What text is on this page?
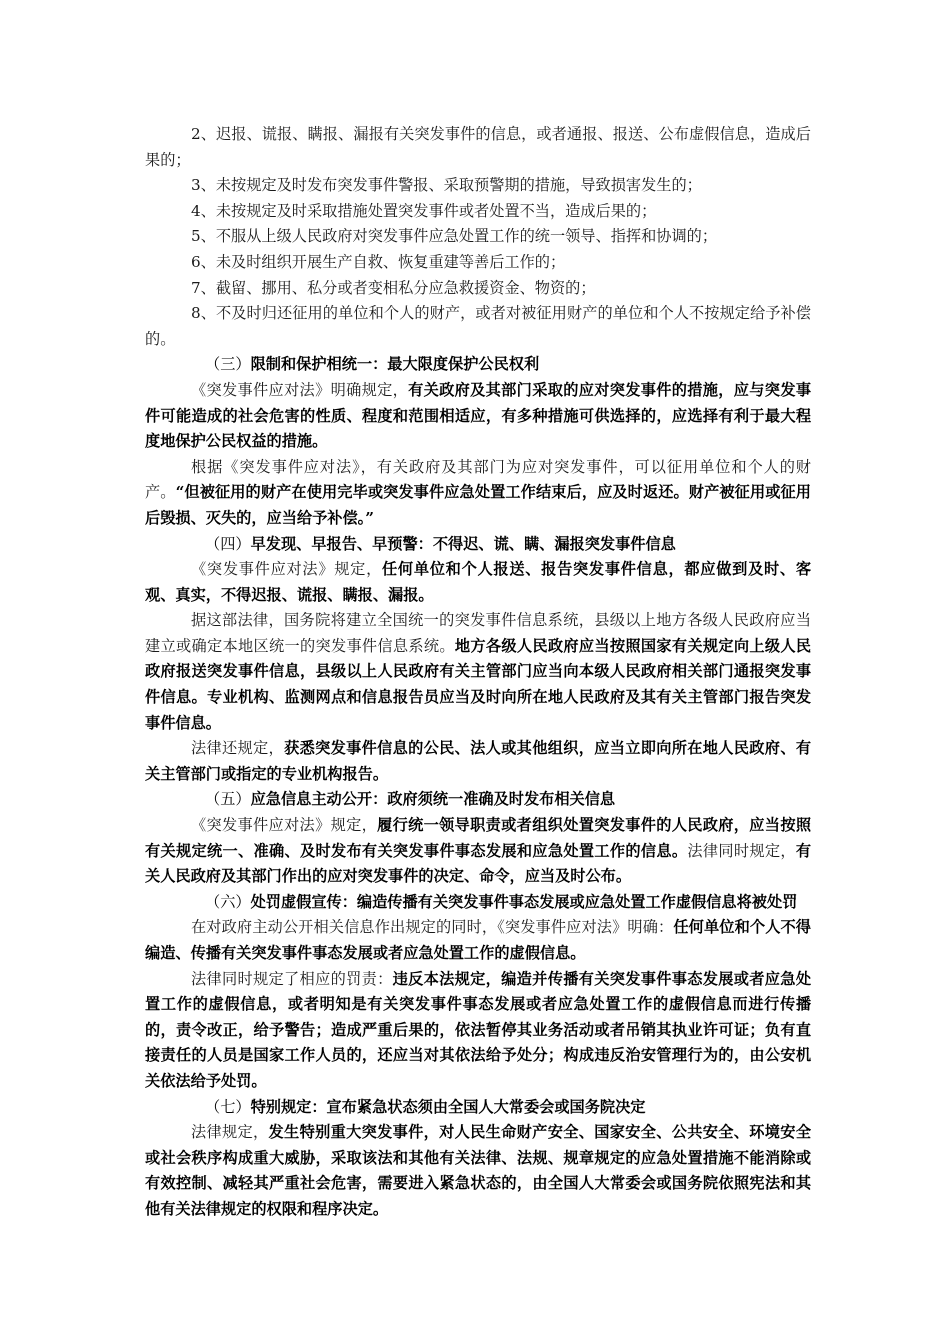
2、迟报、谎报、瞒报、漏报有关突发事件的信息，或者通报、报送、公布虚假信息，造成后果的；

3、未按规定及时发布突发事件警报、采取预警期的措施，导致损害发生的；

4、未按规定及时采取措施处置突发事件或者处置不当，造成后果的；

5、不服从上级人民政府对突发事件应急处置工作的统一领导、指挥和协调的；

6、未及时组织开展生产自救、恢复重建等善后工作的；

7、截留、挪用、私分或者变相私分应急救援资金、物资的；

8、不及时归还征用的单位和个人的财产，或者对被征用财产的单位和个人不按规定给予补偿的。

（三）限制和保护相统一：最大限度保护公民权利

《突发事件应对法》明确规定，有关政府及其部门采取的应对突发事件的措施，应与突发事件可能造成的社会危害的性质、程度和范围相适应，有多种措施可供选择的，应选择有利于最大程度地保护公民权益的措施。

根据《突发事件应对法》，有关政府及其部门为应对突发事件，可以征用单位和个人的财产。“但被征用的财产在使用完毕或突发事件应急处置工作结束后，应及时返还。财产被征用或征用后毁损、灭失的，应当给予补偿。”

（四）早发现、早报告、早预警：不得迟、谎、瞒、漏报突发事件信息

《突发事件应对法》规定，任何单位和个人报送、报告突发事件信息，都应做到及时、客观、真实，不得迟报、谎报、瞒报、漏报。

据这部法律，国务院将建立全国统一的突发事件信息系统，县级以上地方各级人民政府应当建立或确定本地区统一的突发事件信息系统。地方各级人民政府应当按照国家有关规定向上级人民政府报送突发事件信息，县级以上人民政府有关主管部门应当向本级人民政府相关部门通报突发事件信息。专业机构、监测网点和信息报告员应当及时向所在地人民政府及其有关主管部门报告突发事件信息。

法律还规定，获悉突发事件信息的公民、法人或其他组织，应当立即向所在地人民政府、有关主管部门或指定的专业机构报告。

（五）应急信息主动公开：政府须统一准确及时发布相关信息

《突发事件应对法》规定，履行统一领导职责或者组织处置突发事件的人民政府，应当按照有关规定统一、准确、及时发布有关突发事件事态发展和应急处置工作的信息。法律同时规定，有关人民政府及其部门作出的应对突发事件的决定、命令，应当及时公布。

（六）处罚虚假宣传：编造传播有关突发事件事态发展或应急处置工作虚假信息将被处罚

在对政府主动公开相关信息作出规定的同时，《突发事件应对法》明确：任何单位和个人不得编造、传播有关突发事件事态发展或者应急处置工作的虚假信息。

法律同时规定了相应的罚责：违反本法规定，编造并传播有关突发事件事态发展或者应急处置工作的虚假信息，或者明知是有关突发事件事态发展或者应急处置工作的虚假信息而进行传播的，责令改正，给予警告；造成严重后果的，依法暂停其业务活动或者吊销其执业许可证；负有直接责任的人员是国家工作人员的，还应当对其依法给予处分；构成违反治安管理行为的，由公安机关依法给予处罚。

（七）特别规定：宣布紧急状态须由全国人大常委会或国务院决定

法律规定，发生特别重大突发事件，对人民生命财产安全、国家安全、公共安全、环境安全或社会秩序构成重大威胁，采取该法和其他有关法律、法规、规章规定的应急处置措施不能消除或有效控制、减轻其严重社会危害，需要进入紧急状态的，由全国人大常委会或国务院依照宪法和其他有关法律规定的权限和程序决定。
